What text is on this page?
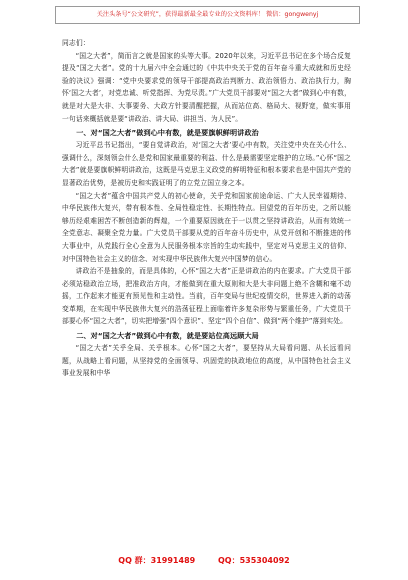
关注头条号“公文研究”，获得最新最全最专业的公文资料库！ 微信：gongwenyj

同志们：

“国之大者”，简而言之就是国家的头等大事。2020年以来，习近平总书记在多个场合反复提及“国之大者”。党的十九届六中全会通过的《中共中央关于党的百年奋斗重大成就和历史经验的决议》强调：“党中央要求党的领导干部提高政治判断力、政治领悟力、政治执行力，胸怀‘国之大者’，对党忠诚、听党指挥、为党尽责。”广大党员干部要对“国之大者”做到心中有数，就是对大是大非、大事要务、大政方针要清醒把握，从而站位高、格局大、视野宽，做实事用一句话来概括就是要“讲政治、讲大局、讲担当、为人民”。

一、对“国之大者”做到心中有数，就是要旗帜鲜明讲政治

习近平总书记指出，“要自觉讲政治，对‘国之大者’要心中有数，关注党中央在关心什么、强调什么，深刻领会什么是党和国家最重要的利益、什么是最需要坚定维护的立场。”心怀“国之大者”就是要旗帜鲜明讲政治，这既是马克思主义政党的鲜明特征和根本要求也是中国共产党的显著政治优势，是被历史和实践证明了的立党立国立身之本。

“国之大者”蕴含中国共产党人的初心使命，关乎党和国家前途命运、广大人民幸福期待、中华民族伟大复兴，带有根本性、全局性稳定性、长期性特点。回望党的百年历史，之所以能够历经艰难困苦不断创造新的辉煌，一个重要原因就在于一以贯之坚持讲政治，从而有效统一全党意志、凝聚全党力量。广大党员干部要从党的百年奋斗历史中，从党开创和不断推进的伟大事业中，从党践行全心全意为人民服务根本宗旨的生动实践中，坚定对马克思主义的信仰、对中国特色社会主义的信念、对实现中华民族伟大复兴中国梦的信心。

讲政治不是抽象的，而是具体的，心怀“国之大者”正是讲政治的内在要求。广大党员干部必须站稳政治立场，把准政治方向，才能做到在重大原则和大是大非问题上绝不含糊和毫不动摇，工作起来才能更有预见性和主动性。当前，百年变局与世纪疫情交织，世界进入新的动荡变革期，在实现中华民族伟大复兴的浩荡征程上面临着许多复杂形势与繁重任务，广大党员干部要心怀“国之大者”，切实把增强“四个意识”、坚定“四个自信”、做到“两个维护”落到实处。

二、对“国之大者”做到心中有数，就是要站位高远顾大局

“国之大者”关乎全局、关乎根本。心怀“国之大者”，要坚持从大局看问题、从长远看问题，从战略上看问题，从坚持党的全面领导、巩固党的执政地位的高度，从中国特色社会主义事业发展和中华

QQ 群：31991489	QQ：535304092
